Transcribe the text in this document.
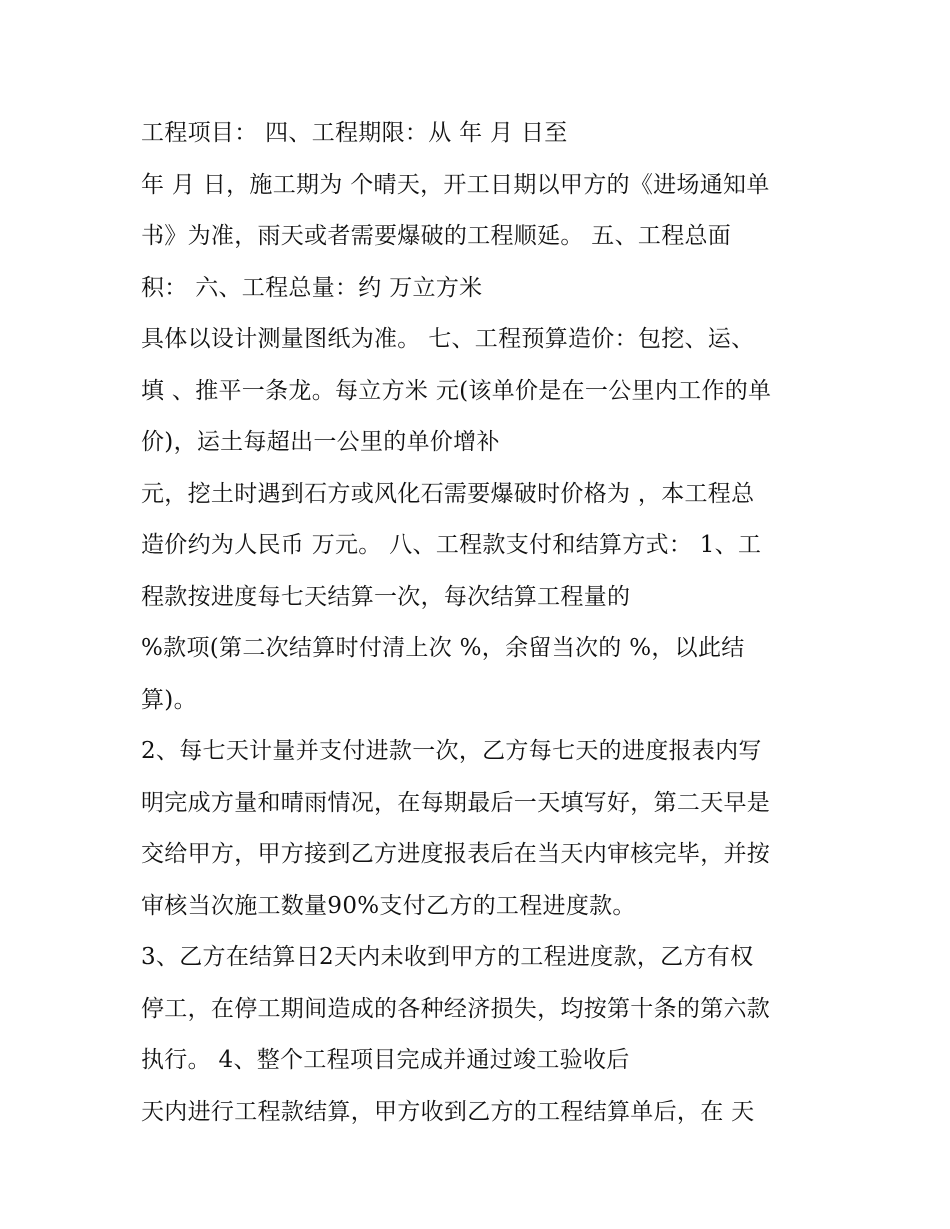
工程项目： 四、工程期限：从 年 月 日至
年 月 日，施工期为 个晴天，开工日期以甲方的《进场通知单
书》为准，雨天或者需要爆破的工程顺延。 五、工程总面
积： 六、工程总量：约 万立方米
具体以设计测量图纸为准。 七、工程预算造价：包挖、运、
填 、推平一条龙。每立方米 元(该单价是在一公里内工作的单
价)，运土每超出一公里的单价增补
元，挖土时遇到石方或风化石需要爆破时价格为 ，本工程总
造价约为人民币 万元。 八、工程款支付和结算方式： 1、工
程款按进度每七天结算一次，每次结算工程量的
%款项(第二次结算时付清上次 %，余留当次的 %，以此结
算)。
2、每七天计量并支付进款一次，乙方每七天的进度报表内写
明完成方量和晴雨情况，在每期最后一天填写好，第二天早是
交给甲方，甲方接到乙方进度报表后在当天内审核完毕，并按
审核当次施工数量90%支付乙方的工程进度款。
3、乙方在结算日2天内未收到甲方的工程进度款，乙方有权
停工，在停工期间造成的各种经济损失，均按第十条的第六款
执行。 4、整个工程项目完成并通过竣工验收后
天内进行工程款结算，甲方收到乙方的工程结算单后，在 天
